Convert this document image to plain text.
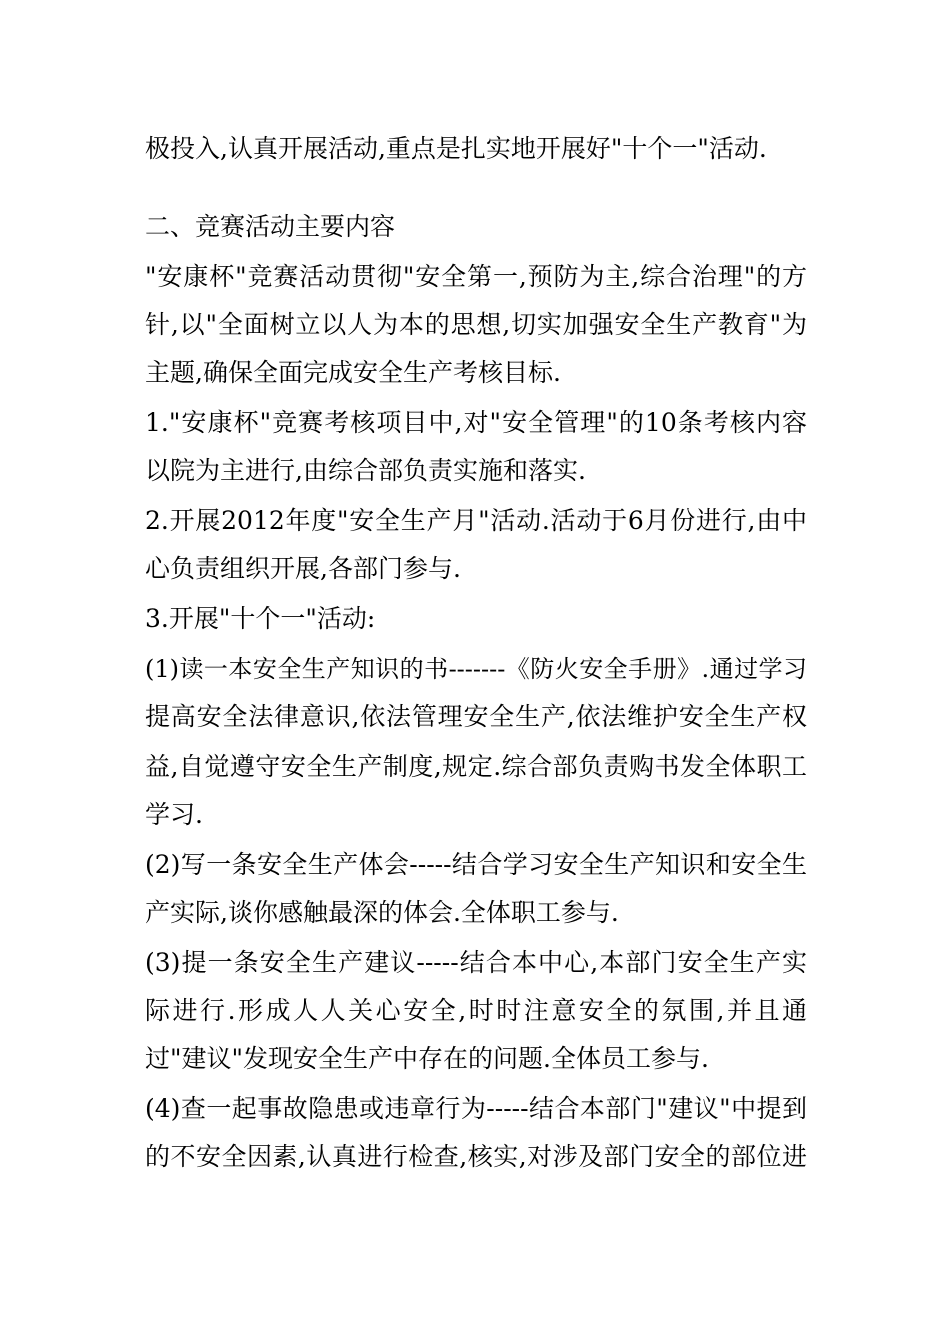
极投入,认真开展活动,重点是扎实地开展好"十个一"活动.
二、竞赛活动主要内容
"安康杯"竞赛活动贯彻"安全第一,预防为主,综合治理"的方
针,以"全面树立以人为本的思想,切实加强安全生产教育"为
主题,确保全面完成安全生产考核目标.
1."安康杯"竞赛考核项目中,对"安全管理"的10条考核内容
以院为主进行,由综合部负责实施和落实.
2.开展2012年度"安全生产月"活动.活动于6月份进行,由中
心负责组织开展,各部门参与.
3.开展"十个一"活动:
(1)读一本安全生产知识的书-------《防火安全手册》.通过学习
提高安全法律意识,依法管理安全生产,依法维护安全生产权
益,自觉遵守安全生产制度,规定.综合部负责购书发全体职工
学习.
(2)写一条安全生产体会-----结合学习安全生产知识和安全生
产实际,谈你感触最深的体会.全体职工参与.
(3)提一条安全生产建议-----结合本中心,本部门安全生产实
际进行.形成人人关心安全,时时注意安全的氛围,并且通
过"建议"发现安全生产中存在的问题.全体员工参与.
(4)查一起事故隐患或违章行为-----结合本部门"建议"中提到
的不安全因素,认真进行检查,核实,对涉及部门安全的部位进
